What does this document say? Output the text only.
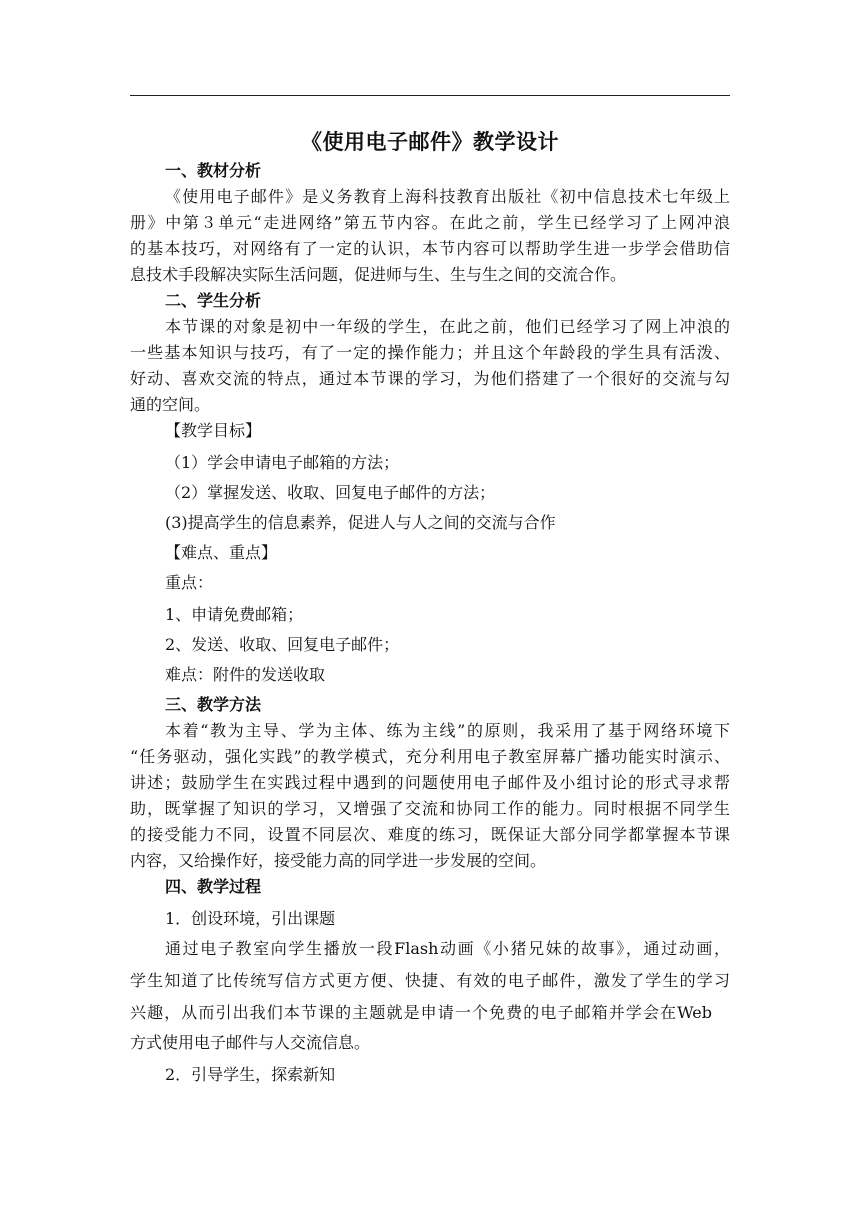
《使用电子邮件》教学设计
一、教材分析
《使用电子邮件》是义务教育上海科技教育出版社《初中信息技术七年级上
册》中第３单元“走进网络”第五节内容。在此之前，学生已经学习了上网冲浪
的基本技巧，对网络有了一定的认识，本节内容可以帮助学生进一步学会借助信
息技术手段解决实际生活问题，促进师与生、生与生之间的交流合作。
二、学生分析
本节课的对象是初中一年级的学生，在此之前，他们已经学习了网上冲浪的
一些基本知识与技巧，有了一定的操作能力；并且这个年龄段的学生具有活泼、
好动、喜欢交流的特点，通过本节课的学习，为他们搭建了一个很好的交流与勾
通的空间。
【教学目标】
（1）学会申请电子邮箱的方法；
（2）掌握发送、收取、回复电子邮件的方法；
(3)提高学生的信息素养，促进人与人之间的交流与合作
【难点、重点】
重点：
1、申请免费邮箱；
2、发送、收取、回复电子邮件；
难点：附件的发送收取
三、教学方法
本着“教为主导、学为主体、练为主线”的原则，我采用了基于网络环境下
“任务驱动，强化实践”的教学模式，充分利用电子教室屏幕广播功能实时演示、
讲述；鼓励学生在实践过程中遇到的问题使用电子邮件及小组讨论的形式寻求帮
助，既掌握了知识的学习，又增强了交流和协同工作的能力。同时根据不同学生
的接受能力不同，设置不同层次、难度的练习，既保证大部分同学都掌握本节课
内容，又给操作好，接受能力高的同学进一步发展的空间。
四、教学过程
1．创设环境，引出课题
通过电子教室向学生播放一段Flash动画《小猪兄妹的故事》，通过动画，
学生知道了比传统写信方式更方便、快捷、有效的电子邮件，激发了学生的学习
兴趣，从而引出我们本节课的主题就是申请一个免费的电子邮箱并学会在Web
方式使用电子邮件与人交流信息。
2．引导学生，探索新知
